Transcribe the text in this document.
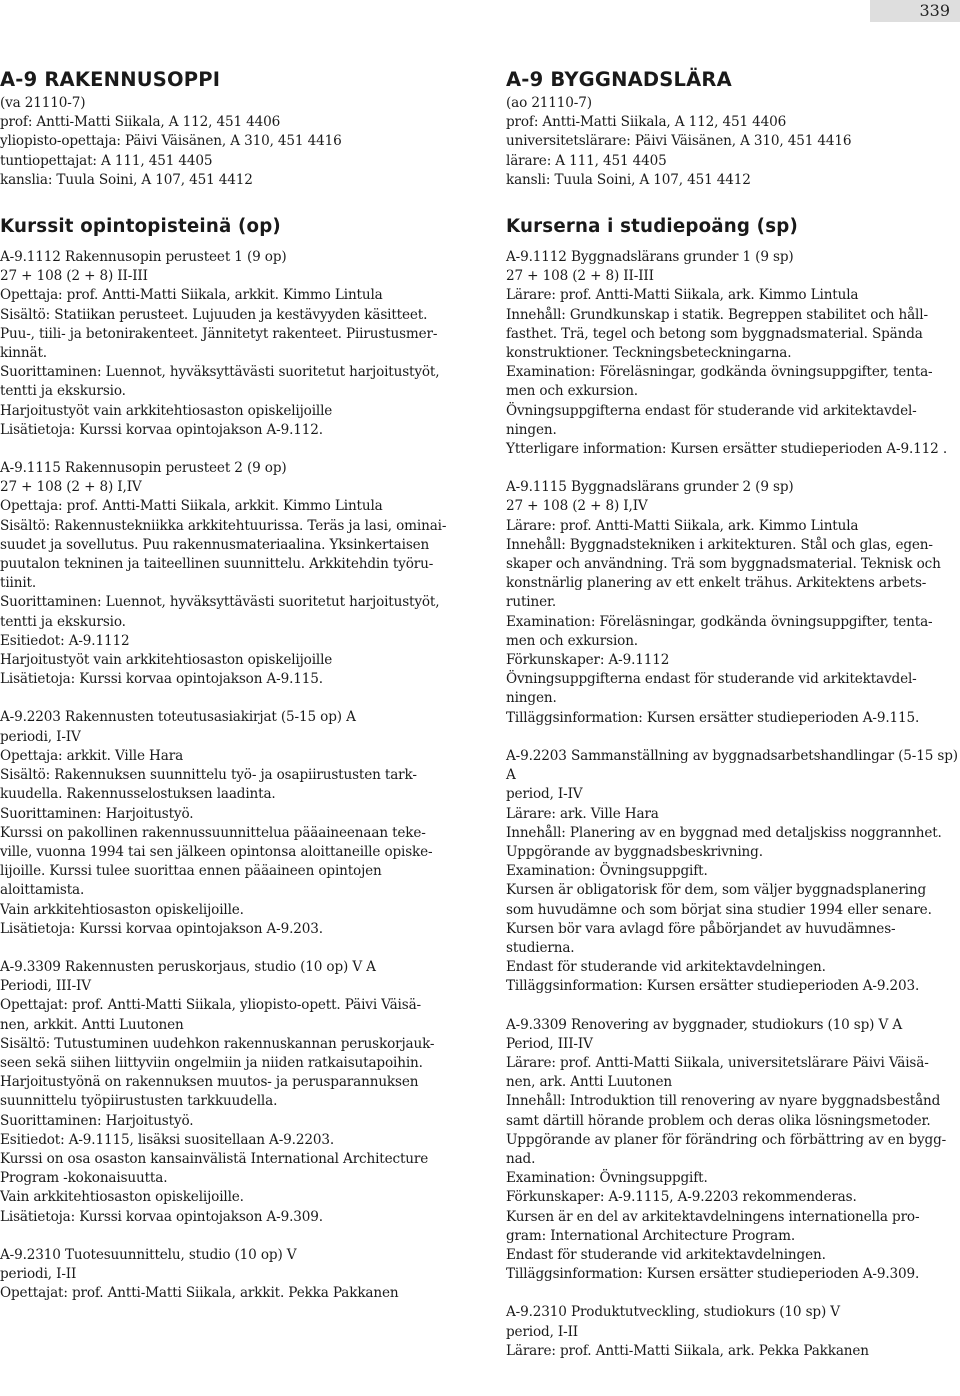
339
A-9 RAKENNUSOPPI
(va 21110-7)
prof: Antti-Matti Siikala, A 112, 451 4406
yliopisto-opettaja: Päivi Väisänen, A 310, 451 4416
tuntiopettajat: A 111, 451 4405
kanslia: Tuula Soini, A 107, 451 4412
Kurssit opintopisteinä (op)
A-9.1112 Rakennusopin perusteet 1 (9 op)
27 + 108 (2 + 8) II-III
Opettaja: prof. Antti-Matti Siikala, arkkit. Kimmo Lintula
Sisältö: Statiikan perusteet. Lujuuden ja kestävyyden käsitteet.
Puu-, tiili- ja betonirakenteet. Jännitetyt rakenteet. Piirustusmer-
kinnät.
Suorittaminen: Luennot, hyväksyttävästi suoritetut harjoitustyöt,
tentti ja ekskursio.
Harjoitustyöt vain arkkitehtiosaston opiskelijoille
Lisätietoja: Kurssi korvaa opintojakson A-9.112.
A-9.1115 Rakennusopin perusteet 2 (9 op)
27 + 108 (2 + 8) I,IV
Opettaja: prof. Antti-Matti Siikala, arkkit. Kimmo Lintula
Sisältö: Rakennustekniikka arkkitehtuurissa. Teräs ja lasi, ominai-
suudet ja sovellutus. Puu rakennusmateriaalina. Yksinkertaisen
puutalon tekninen ja taiteellinen suunnittelu. Arkkitehdin työru-
tiinit.
Suorittaminen: Luennot, hyväksyttävästi suoritetut harjoitustyöt,
tentti ja ekskursio.
Esitiedot: A-9.1112
Harjoitustyöt vain arkkitehtiosaston opiskelijoille
Lisätietoja: Kurssi korvaa opintojakson A-9.115.
A-9.2203 Rakennusten toteutusasiakirjat (5-15 op) A
periodi, I-IV
Opettaja: arkkit. Ville Hara
Sisältö: Rakennuksen suunnittelu työ- ja osapiirustusten tark-
kuudella. Rakennusselostuksen laadinta.
Suorittaminen: Harjoitustyö.
Kurssi on pakollinen rakennussuunnittelua pääaineenaan teke-
ville, vuonna 1994 tai sen jälkeen opintonsa aloittaneille opiske-
lijoille. Kurssi tulee suorittaa ennen pääaineen opintojen
aloittamista.
Vain arkkitehtiosaston opiskelijoille.
Lisätietoja: Kurssi korvaa opintojakson A-9.203.
A-9.3309 Rakennusten peruskorjaus, studio (10 op) V A
Periodi, III-IV
Opettajat: prof. Antti-Matti Siikala, yliopisto-opett. Päivi Väisä-
nen, arkkit. Antti Luutonen
Sisältö: Tutustuminen uudehkon rakennuskannan peruskorjauk-
seen sekä siihen liittyviin ongelmiin ja niiden ratkaisutapoihin.
Harjoitustyönä on rakennuksen muutos- ja perusparannuksen
suunnittelu työpiirustusten tarkkuudella.
Suorittaminen: Harjoitustyö.
Esitiedot: A-9.1115, lisäksi suositellaan A-9.2203.
Kurssi on osa osaston kansainvälistä International Architecture
Program -kokonaisuutta.
Vain arkkitehtiosaston opiskelijoille.
Lisätietoja: Kurssi korvaa opintojakson A-9.309.
A-9.2310 Tuotesuunnittelu, studio (10 op) V
periodi, I-II
Opettajat: prof. Antti-Matti Siikala, arkkit. Pekka Pakkanen
A-9 BYGGNADSLÄRA
(ao 21110-7)
prof: Antti-Matti Siikala, A 112, 451 4406
universitetslärare: Päivi Väisänen, A 310, 451 4416
lärare: A 111, 451 4405
kansli: Tuula Soini, A 107, 451 4412
Kurserna i studiepoäng (sp)
A-9.1112 Byggnadslärans grunder 1 (9 sp)
27 + 108 (2 + 8) II-III
Lärare: prof. Antti-Matti Siikala, ark. Kimmo Lintula
Innehåll: Grundkunskap i statik. Begreppen stabilitet och håll-
fasthet. Trä, tegel och betong som byggnadsmaterial. Spända
konstruktioner. Teckningsbeteckningarna.
Examination: Föreläsningar, godkända övningsuppgifter, tenta-
men och exkursion.
Övningsuppgifterna endast för studerande vid arkitektavdel-
ningen.
Ytterligare information: Kursen ersätter studieperioden A-9.112 .
A-9.1115 Byggnadslärans grunder 2 (9 sp)
27 + 108 (2 + 8) I,IV
Lärare: prof. Antti-Matti Siikala, ark. Kimmo Lintula
Innehåll: Byggnadstekniken i arkitekturen. Stål och glas, egen-
skaper och användning. Trä som byggnadsmaterial. Teknisk och
konstnärlig planering av ett enkelt trähus. Arkitektens arbets-
rutiner.
Examination: Föreläsningar, godkända övningsuppgifter, tenta-
men och exkursion.
Förkunskaper: A-9.1112
Övningsuppgifterna endast för studerande vid arkitektavdel-
ningen.
Tilläggsinformation: Kursen ersätter studieperioden A-9.115.
A-9.2203 Sammanställning av byggnadsarbetshandlingar (5-15 sp) A
period, I-IV
Lärare: ark. Ville Hara
Innehåll: Planering av en byggnad med detaljskiss noggrannhet.
Uppgörande av byggnadsbeskrivning.
Examination: Övningsuppgift.
Kursen är obligatorisk för dem, som väljer byggnadsplanering
som huvudämne och som börjat sina studier 1994 eller senare.
Kursen bör vara avlagd före påbörjandet av huvudämnes-
studierna.
Endast för studerande vid arkitektavdelningen.
Tilläggsinformation: Kursen ersätter studieperioden A-9.203.
A-9.3309 Renovering av byggnader, studiokurs (10 sp) V A
Period, III-IV
Lärare: prof. Antti-Matti Siikala, universitetslärare Päivi Väisä-
nen, ark. Antti Luutonen
Innehåll: Introduktion till renovering av nyare byggnadsbestånd
samt därtill hörande problem och deras olika lösningsmetoder.
Uppgörande av planer för förändring och förbättring av en bygg-
nad.
Examination: Övningsuppgift.
Förkunskaper: A-9.1115, A-9.2203 rekommenderas.
Kursen är en del av arkitektavdelningens internationella pro-
gram: International Architecture Program.
Endast för studerande vid arkitektavdelningen.
Tilläggsinformation: Kursen ersätter studieperioden A-9.309.
A-9.2310 Produktutveckling, studiokurs (10 sp) V
period, I-II
Lärare: prof. Antti-Matti Siikala, ark. Pekka Pakkanen
